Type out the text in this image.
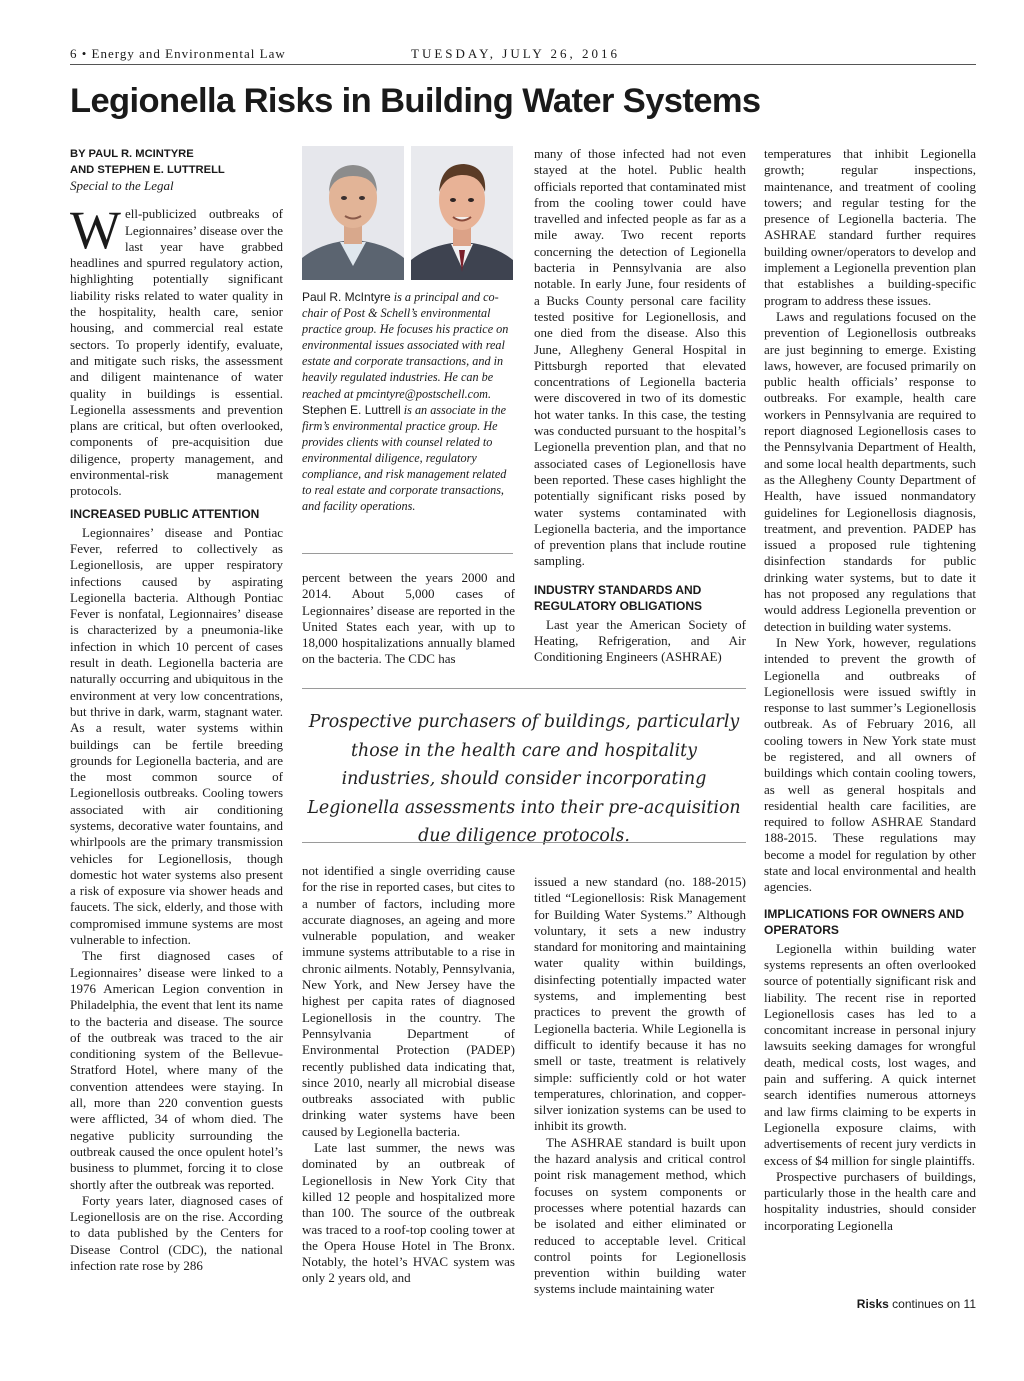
6 • Energy and Environmental Law	TUESDAY, JULY 26, 2016
Legionella Risks in Building Water Systems
BY PAUL R. MCINTYRE
AND STEPHEN E. LUTTRELL
Special to the Legal

Well-publicized outbreaks of Legionnaires’ disease over the last year have grabbed headlines and spurred regulatory action, highlighting potentially significant liability risks related to water quality in the hospitality, health care, senior housing, and commercial real estate sectors. To properly identify, evaluate, and mitigate such risks, the assessment and diligent maintenance of water quality in buildings is essential. Legionella assessments and prevention plans are critical, but often overlooked, components of pre-acquisition due diligence, property management, and environmental-risk management protocols.

INCREASED PUBLIC ATTENTION

Legionnaires’ disease and Pontiac Fever, referred to collectively as Legionellosis, are upper respiratory infections caused by aspirating Legionella bacteria. Although Pontiac Fever is nonfatal, Legionnaires’ disease is characterized by a pneumonia-like infection in which 10 percent of cases result in death. Legionella bacteria are naturally occurring and ubiquitous in the environment at very low concentrations, but thrive in dark, warm, stagnant water. As a result, water systems within buildings can be fertile breeding grounds for Legionella bacteria, and are the most common source of Legionellosis outbreaks. Cooling towers associated with air conditioning systems, decorative water fountains, and whirlpools are the primary transmission vehicles for Legionellosis, though domestic hot water systems also present a risk of exposure via shower heads and faucets. The sick, elderly, and those with compromised immune systems are most vulnerable to infection.

The first diagnosed cases of Legionnaires’ disease were linked to a 1976 American Legion convention in Philadelphia, the event that lent its name to the bacteria and disease. The source of the outbreak was traced to the air conditioning system of the Bellevue-Stratford Hotel, where many of the convention attendees were staying. In all, more than 220 convention guests were afflicted, 34 of whom died. The negative publicity surrounding the outbreak caused the once opulent hotel’s business to plummet, forcing it to close shortly after the outbreak was reported.

Forty years later, diagnosed cases of Legionellosis are on the rise. According to data published by the Centers for Disease Control (CDC), the national infection rate rose by 286

Paul R. McIntyre is a principal and co-chair of Post & Schell’s environmental practice group. He focuses his practice on environmental issues associated with real estate and corporate transactions, and in heavily regulated industries. He can be reached at pmcintyre@postschell.com.
Stephen E. Luttrell is an associate in the firm’s environmental practice group. He provides clients with counsel related to environmental diligence, regulatory compliance, and risk management related to real estate and corporate transactions, and facility operations.

percent between the years 2000 and 2014. About 5,000 cases of Legionnaires’ disease are reported in the United States each year, with up to 18,000 hospitalizations annually blamed on the bacteria. The CDC has

many of those infected had not even stayed at the hotel. Public health officials reported that contaminated mist from the cooling tower could have travelled and infected people as far as a mile away. Two recent reports concerning the detection of Legionella bacteria in Pennsylvania are also notable. In early June, four residents of a Bucks County personal care facility tested positive for Legionellosis, and one died from the disease. Also this June, Allegheny General Hospital in Pittsburgh reported that elevated concentrations of Legionella bacteria were discovered in two of its domestic hot water tanks. In this case, the testing was conducted pursuant to the hospital’s Legionella prevention plan, and that no associated cases of Legionellosis have been reported. These cases highlight the potentially significant risks posed by water systems contaminated with Legionella bacteria, and the importance of prevention plans that include routine sampling.

INDUSTRY STANDARDS AND REGULATORY OBLIGATIONS

Last year the American Society of Heating, Refrigeration, and Air Conditioning Engineers (ASHRAE)

Prospective purchasers of buildings, particularly those in the health care and hospitality industries, should consider incorporating Legionella assessments into their pre-acquisition due diligence protocols.

not identified a single overriding cause for the rise in reported cases, but cites to a number of factors, including more accurate diagnoses, an ageing and more vulnerable population, and weaker immune systems attributable to a rise in chronic ailments. Notably, Pennsylvania, New York, and New Jersey have the highest per capita rates of diagnosed Legionellosis in the country. The Pennsylvania Department of Environmental Protection (PADEP) recently published data indicating that, since 2010, nearly all microbial disease outbreaks associated with public drinking water systems have been caused by Legionella bacteria.

Late last summer, the news was dominated by an outbreak of Legionellosis in New York City that killed 12 people and hospitalized more than 100. The source of the outbreak was traced to a roof-top cooling tower at the Opera House Hotel in The Bronx. Notably, the hotel’s HVAC system was only 2 years old, and

issued a new standard (no. 188-2015) titled “Legionellosis: Risk Management for Building Water Systems.” Although voluntary, it sets a new industry standard for monitoring and maintaining water quality within buildings, disinfecting potentially impacted water systems, and implementing best practices to prevent the growth of Legionella bacteria. While Legionella is difficult to identify because it has no smell or taste, treatment is relatively simple: sufficiently cold or hot water temperatures, chlorination, and copper-silver ionization systems can be used to inhibit its growth.

The ASHRAE standard is built upon the hazard analysis and critical control point risk management method, which focuses on system components or processes where potential hazards can be isolated and either eliminated or reduced to acceptable level. Critical control points for Legionellosis prevention within building water systems include maintaining water

temperatures that inhibit Legionella growth; regular inspections, maintenance, and treatment of cooling towers; and regular testing for the presence of Legionella bacteria. The ASHRAE standard further requires building owner/operators to develop and implement a Legionella prevention plan that establishes a building-specific program to address these issues.

Laws and regulations focused on the prevention of Legionellosis outbreaks are just beginning to emerge. Existing laws, however, are focused primarily on public health officials’ response to outbreaks. For example, health care workers in Pennsylvania are required to report diagnosed Legionellosis cases to the Pennsylvania Department of Health, and some local health departments, such as the Allegheny County Department of Health, have issued nonmandatory guidelines for Legionellosis diagnosis, treatment, and prevention. PADEP has issued a proposed rule tightening disinfection standards for public drinking water systems, but to date it has not proposed any regulations that would address Legionella prevention or detection in building water systems.

In New York, however, regulations intended to prevent the growth of Legionella and outbreaks of Legionellosis were issued swiftly in response to last summer’s Legionellosis outbreak. As of February 2016, all cooling towers in New York state must be registered, and all owners of buildings which contain cooling towers, as well as general hospitals and residential health care facilities, are required to follow ASHRAE Standard 188-2015. These regulations may become a model for regulation by other state and local environmental and health agencies.

IMPLICATIONS FOR OWNERS AND OPERATORS

Legionella within building water systems represents an often overlooked source of potentially significant risk and liability. The recent rise in reported Legionellosis cases has led to a concomitant increase in personal injury lawsuits seeking damages for wrongful death, medical costs, lost wages, and pain and suffering. A quick internet search identifies numerous attorneys and law firms claiming to be experts in Legionella exposure claims, with advertisements of recent jury verdicts in excess of $4 million for single plaintiffs.

Prospective purchasers of buildings, particularly those in the health care and hospitality industries, should consider incorporating Legionella

Risks continues on 11
